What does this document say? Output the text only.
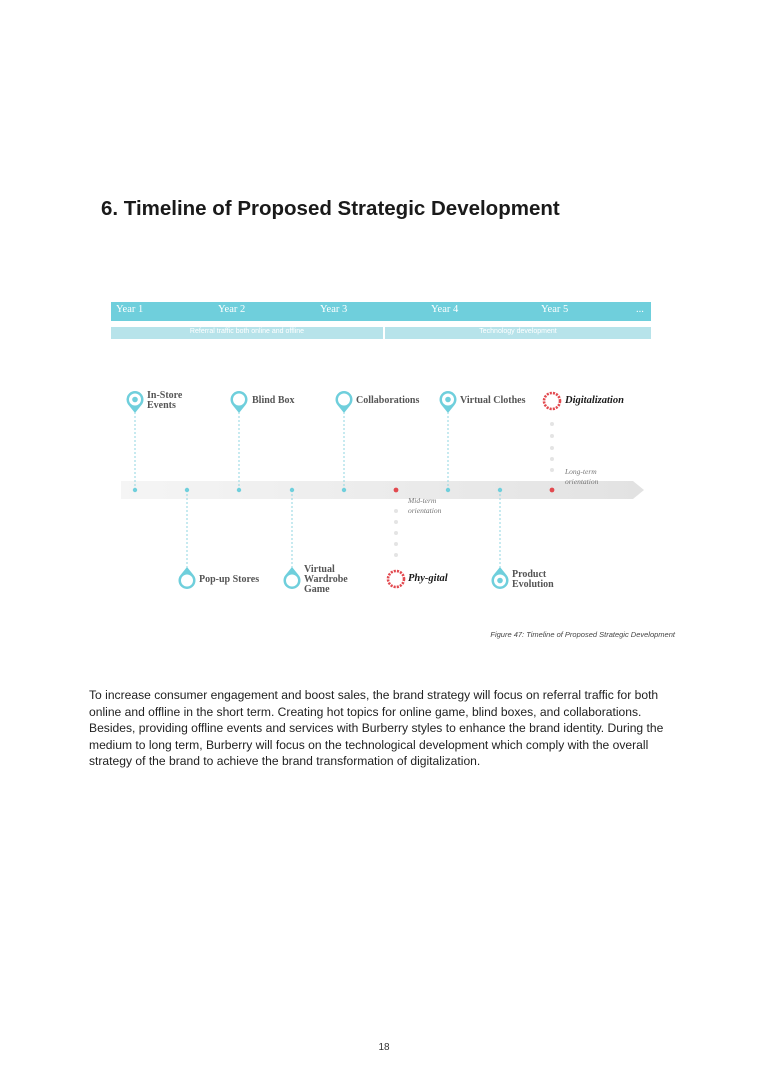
6. Timeline of Proposed Strategic Development
Year 1	Year 2	Year 3	Year 4	Year 5	...
Referral traffic both online and offline	Technology development
In-Store
Events	Blind Box	Collaborations	Virtual Clothes	Digitalization
Long-term
orientation
Mid-term
orientation
Pop-up Stores
Virtual
Wardrobe
Game
Phy-gital	Product
Evolution
Figure 47: Timeline of Proposed Strategic Development

To increase consumer engagement and boost sales, the brand strategy will focus on referral traffic for both online and offline in the short term. Creating hot topics for online game, blind boxes, and collaborations. Besides, providing offline events and services with Burberry styles to enhance the brand identity. During the medium to long term, Burberry will focus on the technological development which comply with the overall strategy of the brand to achieve the brand transformation of digitalization.

18
